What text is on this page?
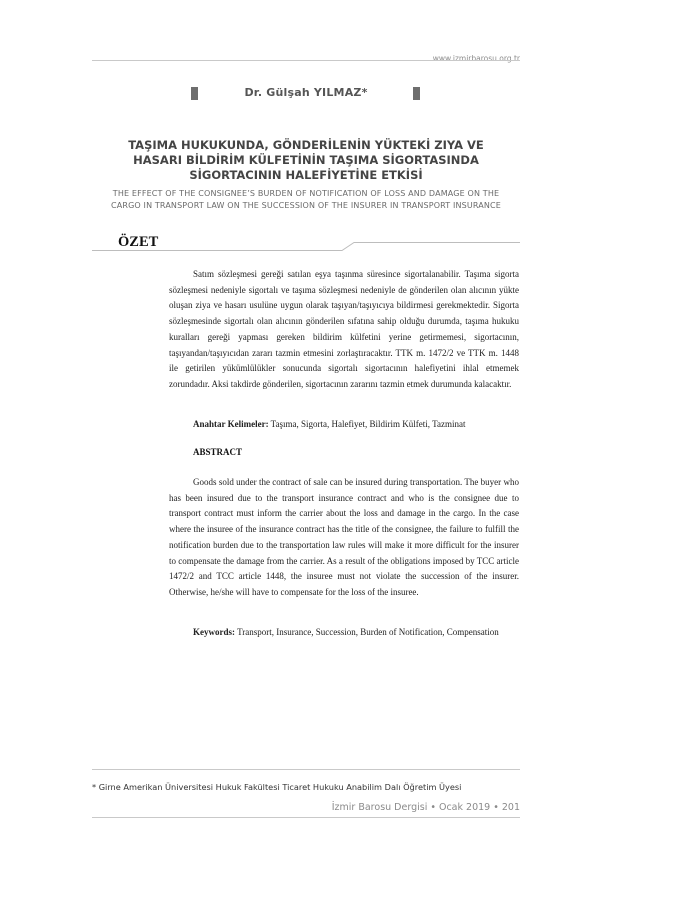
www.izmirbarosu.org.tr
Dr. Gülşah YILMAZ*
TAŞIMA HUKUKUNDA, GÖNDERİLENİN YÜKTEKİ ZIYA VE
HASARI BİLDİRİM KÜLFETİNİN TAŞIMA SİGORTASINDA
SİGORTACININ HALEFİYETİNE ETKİSİ
THE EFFECT OF THE CONSIGNEE’S BURDEN OF NOTIFICATION OF LOSS AND DAMAGE ON THE
CARGO IN TRANSPORT LAW ON THE SUCCESSION OF THE INSURER IN TRANSPORT INSURANCE
ÖZET

Satım sözleşmesi gereği satılan eşya taşınma süresince sigortalanabilir. Taşıma sigorta sözleşmesi nedeniyle sigortalı ve taşıma sözleşmesi nedeniyle de gönderilen olan alıcının yükte oluşan ziya ve hasarı usulüne uygun olarak taşıyan/taşıyıcıya bildirmesi gerekmektedir. Sigorta sözleşmesinde sigortalı olan alıcının gönderilen sıfatına sahip olduğu durumda, taşıma hukuku kuralları gereği yapması gereken bildirim külfetini yerine getirmemesi, sigortacının, taşıyandan/taşıyıcıdan zararı tazmin etmesini zorlaştıracaktır. TTK m. 1472/2 ve TTK m. 1448 ile getirilen yükümlülükler sonucunda sigortalı sigortacının halefiyetini ihlal etmemek zorundadır. Aksi takdirde gönderilen, sigortacının zararını tazmin etmek durumunda kalacaktır.

Anahtar Kelimeler: Taşıma, Sigorta, Halefiyet, Bildirim Külfeti, Tazminat

ABSTRACT

Goods sold under the contract of sale can be insured during transportation. The buyer who has been insured due to the transport insurance contract and who is the consignee due to transport contract must inform the carrier about the loss and damage in the cargo. In the case where the insuree of the insurance contract has the title of the consignee, the failure to fulfill the notification burden due to the transportation law rules will make it more difficult for the insurer to compensate the damage from the carrier. As a result of the obligations imposed by TCC article 1472/2 and TCC article 1448, the insuree must not violate the succession of the insurer. Otherwise, he/she will have to compensate for the loss of the insuree.

Keywords: Transport, Insurance, Succession, Burden of Notification, Compensation

* Girne Amerikan Üniversitesi Hukuk Fakültesi Ticaret Hukuku Anabilim Dalı Öğretim Üyesi
İzmir Barosu Dergisi • Ocak 2019 • 201
